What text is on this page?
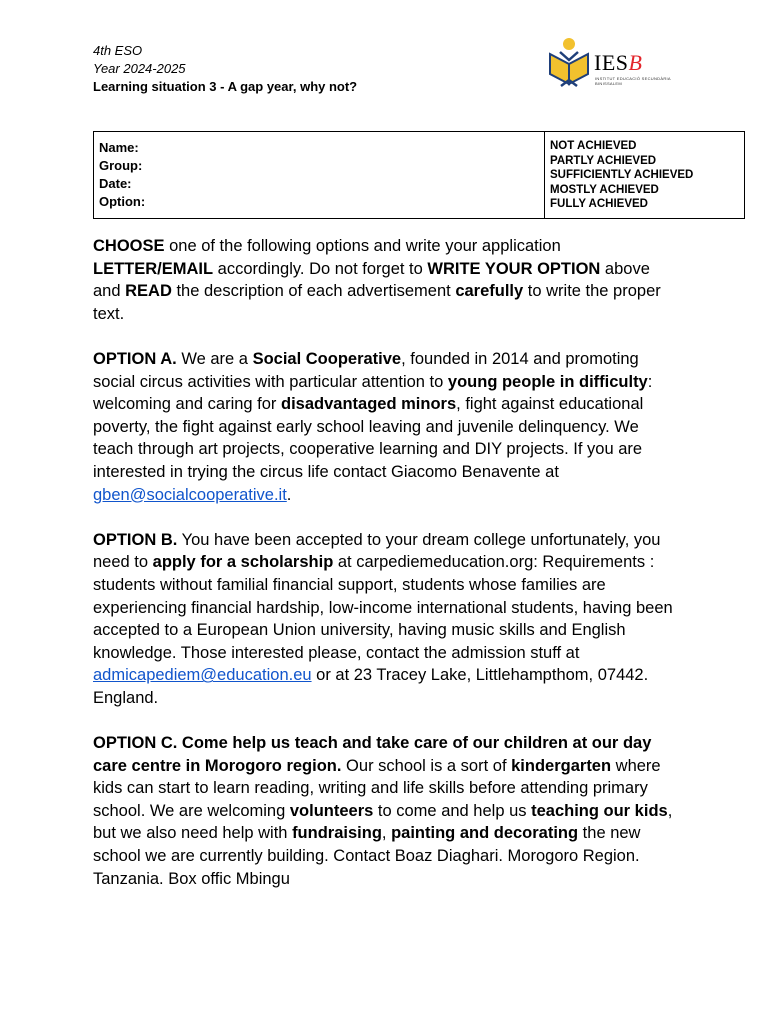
4th ESO
Year 2024-2025
Learning situation 3 - A gap year, why not?
IESB
INSTITUT EDUCACIÓ SECUNDÀRIA BINISSALEM
Name:
Group:
Date:
Option:

NOT ACHIEVED
PARTLY ACHIEVED
SUFFICIENTLY ACHIEVED
MOSTLY ACHIEVED
FULLY ACHIEVED

CHOOSE one of the following options and write your application LETTER/EMAIL accordingly. Do not forget to WRITE YOUR OPTION above and READ the description of each advertisement carefully to write the proper text.

OPTION A. We are a Social Cooperative, founded in 2014 and promoting social circus activities with particular attention to young people in difficulty: welcoming and caring for disadvantaged minors, fight against educational poverty, the fight against early school leaving and juvenile delinquency. We teach through art projects, cooperative learning and DIY projects. If you are interested in trying the circus life contact Giacomo Benavente at gben@socialcooperative.it.

OPTION B. You have been accepted to your dream college unfortunately, you need to apply for a scholarship at carpediemeducation.org: Requirements : students without familial financial support, students whose families are experiencing financial hardship, low-income international students, having been accepted to a European Union university, having music skills and English knowledge. Those interested please, contact the admission stuff at admicapediem@education.eu or at 23 Tracey Lake, Littlehampthom, 07442. England.

OPTION C. Come help us teach and take care of our children at our day care centre in Morogoro region. Our school is a sort of kindergarten where kids can start to learn reading, writing and life skills before attending primary school. We are welcoming volunteers to come and help us teaching our kids, but we also need help with fundraising, painting and decorating the new school we are currently building. Contact Boaz Diaghari. Morogoro Region. Tanzania. Box offic Mbingu
